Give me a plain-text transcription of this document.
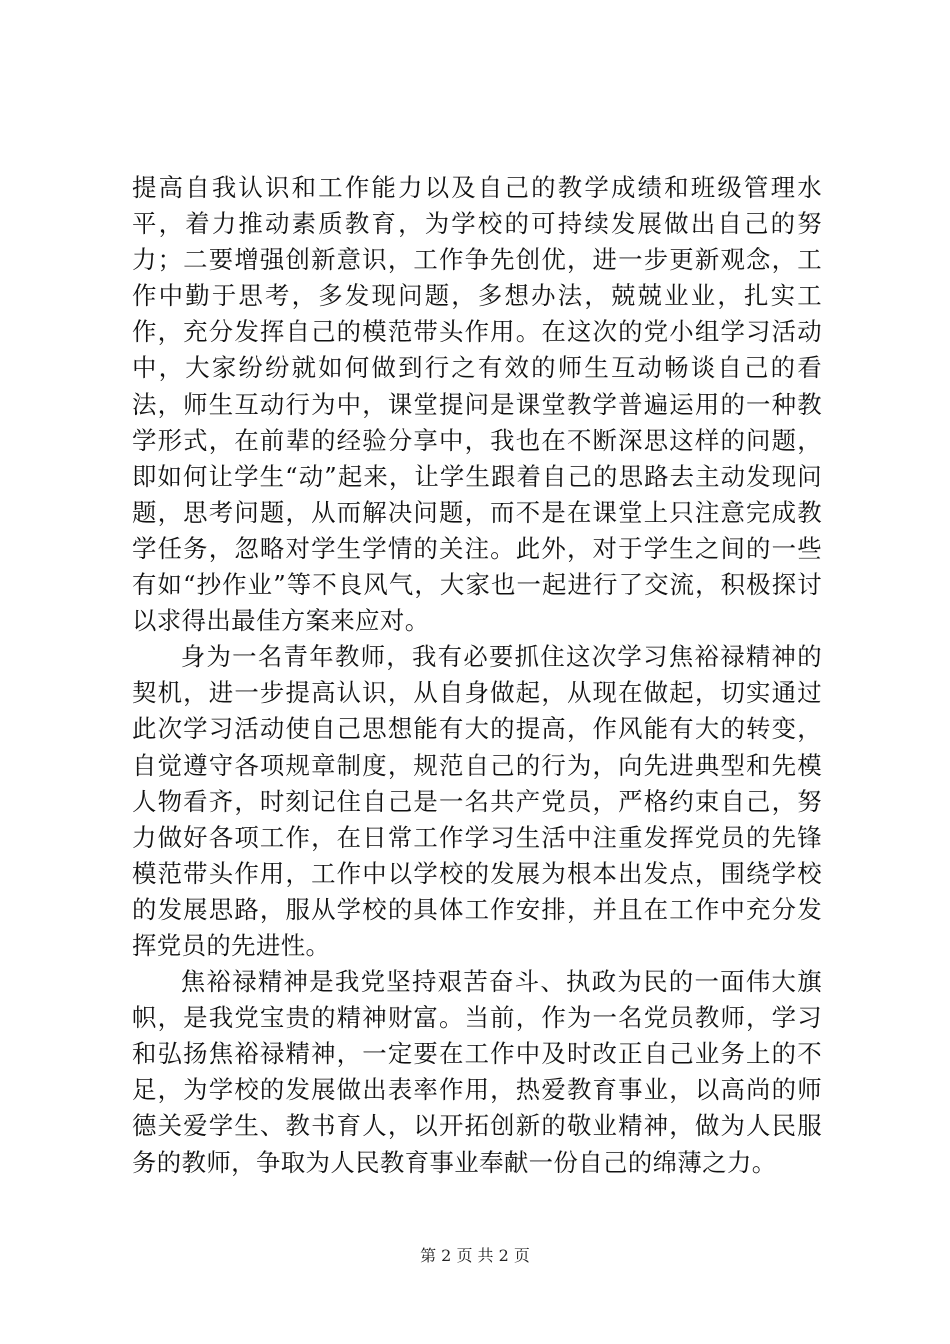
提高自我认识和工作能力以及自己的教学成绩和班级管理水平，着力推动素质教育，为学校的可持续发展做出自己的努力；二要增强创新意识，工作争先创优，进一步更新观念，工作中勤于思考，多发现问题，多想办法，兢兢业业，扎实工作，充分发挥自己的模范带头作用。在这次的党小组学习活动中，大家纷纷就如何做到行之有效的师生互动畅谈自己的看法，师生互动行为中，课堂提问是课堂教学普遍运用的一种教学形式，在前辈的经验分享中，我也在不断深思这样的问题，即如何让学生“动”起来，让学生跟着自己的思路去主动发现问题，思考问题，从而解决问题，而不是在课堂上只注意完成教学任务，忽略对学生学情的关注。此外，对于学生之间的一些有如“抄作业”等不良风气，大家也一起进行了交流，积极探讨以求得出最佳方案来应对。

身为一名青年教师，我有必要抓住这次学习焦裕禄精神的契机，进一步提高认识，从自身做起，从现在做起，切实通过此次学习活动使自己思想能有大的提高，作风能有大的转变，自觉遵守各项规章制度，规范自己的行为，向先进典型和先模人物看齐，时刻记住自己是一名共产党员，严格约束自己，努力做好各项工作，在日常工作学习生活中注重发挥党员的先锋模范带头作用，工作中以学校的发展为根本出发点，围绕学校的发展思路，服从学校的具体工作安排，并且在工作中充分发挥党员的先进性。

焦裕禄精神是我党坚持艰苦奋斗、执政为民的一面伟大旗帜，是我党宝贵的精神财富。当前，作为一名党员教师，学习和弘扬焦裕禄精神，一定要在工作中及时改正自己业务上的不足，为学校的发展做出表率作用，热爱教育事业，以高尚的师德关爱学生、教书育人，以开拓创新的敬业精神，做为人民服务的教师，争取为人民教育事业奉献一份自己的绵薄之力。

第 2 页 共 2 页
